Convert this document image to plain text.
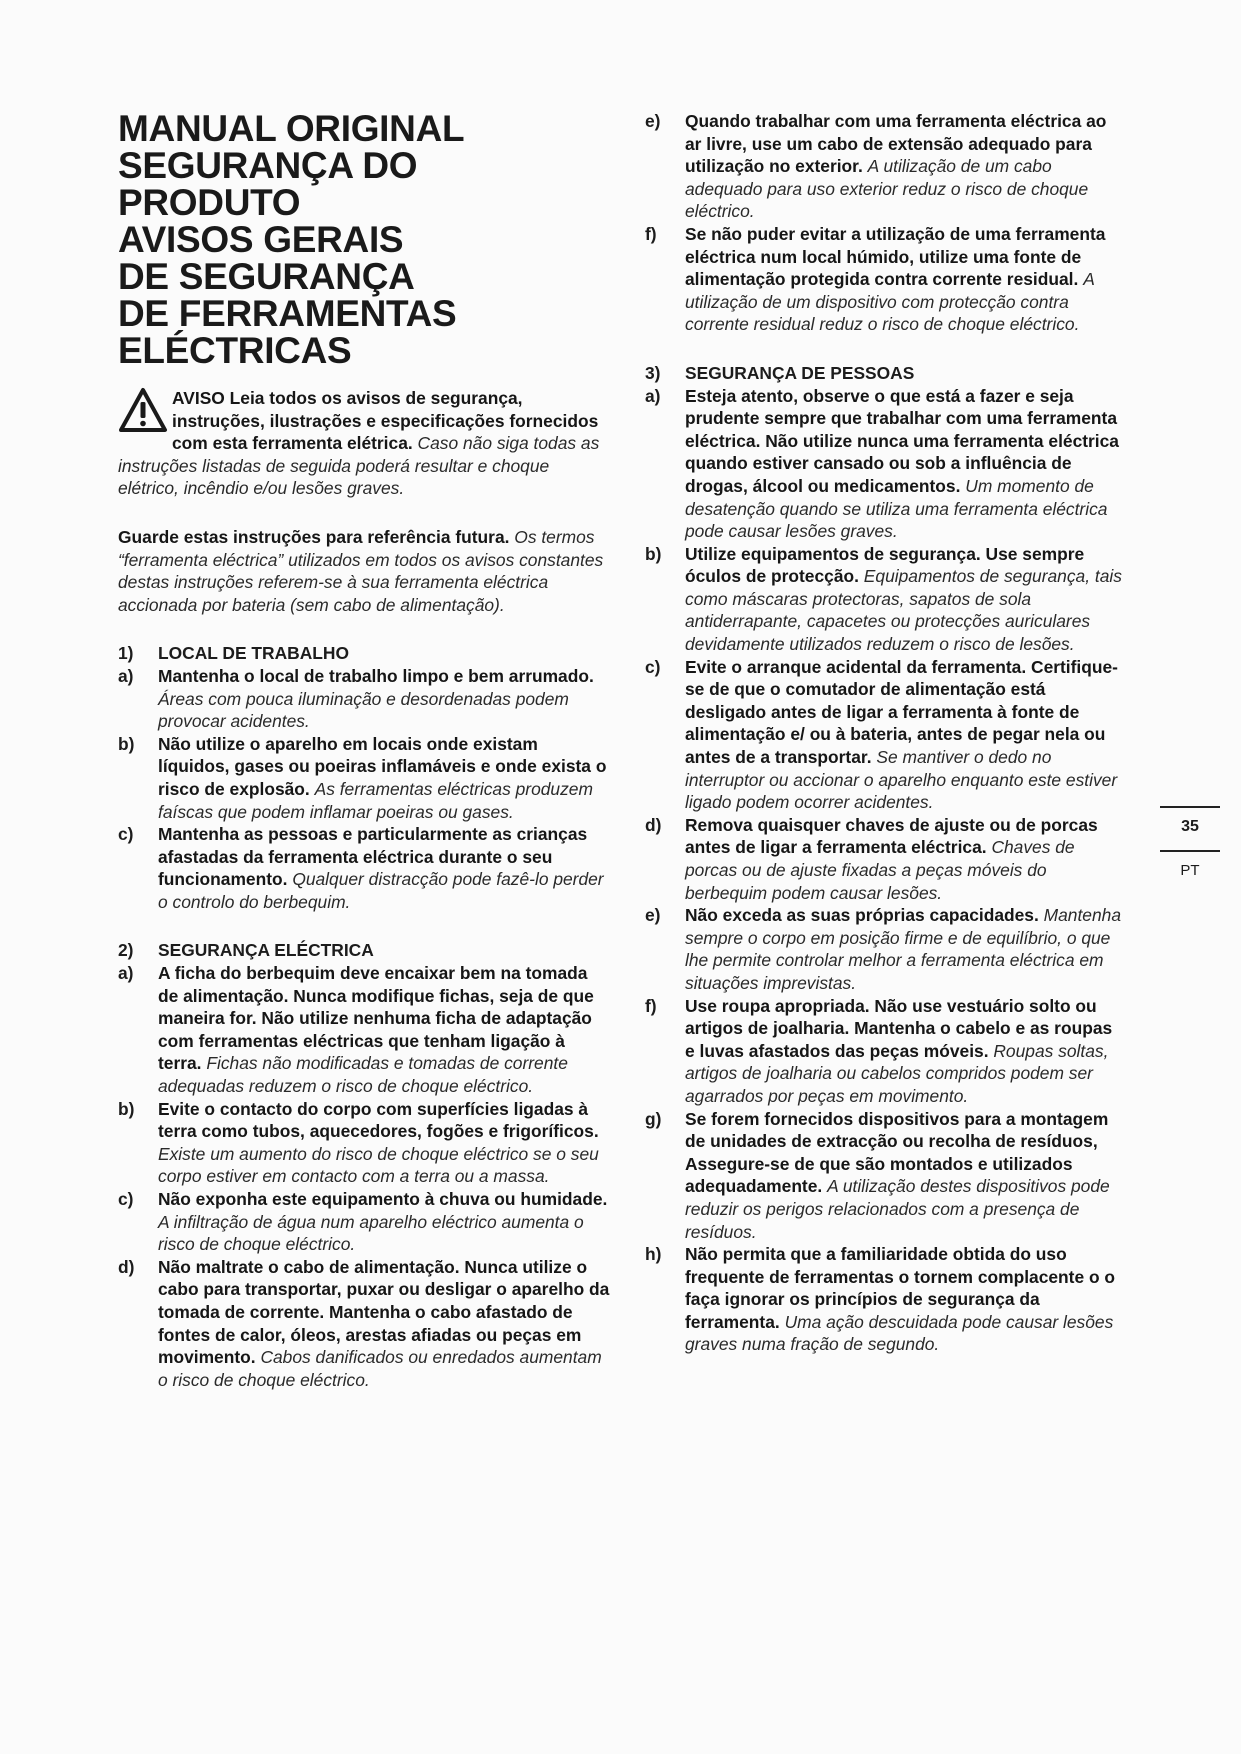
MANUAL ORIGINAL
SEGURANÇA DO
PRODUTO
AVISOS GERAIS
DE SEGURANÇA
DE FERRAMENTAS
ELÉCTRICAS
AVISO Leia todos os avisos de segurança, instruções, ilustrações e especificações fornecidos com esta ferramenta elétrica. Caso não siga todas as instruções listadas de seguida poderá resultar e choque elétrico, incêndio e/ou lesões graves.
Guarde estas instruções para referência futura. Os termos “ferramenta eléctrica” utilizados em todos os avisos constantes destas instruções referem-se à sua ferramenta eléctrica accionada por bateria (sem cabo de alimentação).
1) LOCAL DE TRABALHO
a) Mantenha o local de trabalho limpo e bem arrumado. Áreas com pouca iluminação e desordenadas podem provocar acidentes.
b) Não utilize o aparelho em locais onde existam líquidos, gases ou poeiras inflamáveis e onde exista o risco de explosão. As ferramentas eléctricas produzem faíscas que podem inflamar poeiras ou gases.
c) Mantenha as pessoas e particularmente as crianças afastadas da ferramenta eléctrica durante o seu funcionamento. Qualquer distracção pode fazê-lo perder o controlo do berbequim.
2) SEGURANÇA ELÉCTRICA
a) A ficha do berbequim deve encaixar bem na tomada de alimentação. Nunca modifique fichas, seja de que maneira for. Não utilize nenhuma ficha de adaptação com ferramentas eléctricas que tenham ligação à terra. Fichas não modificadas e tomadas de corrente adequadas reduzem o risco de choque eléctrico.
b) Evite o contacto do corpo com superfícies ligadas à terra como tubos, aquecedores, fogões e frigoríficos. Existe um aumento do risco de choque eléctrico se o seu corpo estiver em contacto com a terra ou a massa.
c) Não exponha este equipamento à chuva ou humidade. A infiltração de água num aparelho eléctrico aumenta o risco de choque eléctrico.
d) Não maltrate o cabo de alimentação. Nunca utilize o cabo para transportar, puxar ou desligar o aparelho da tomada de corrente. Mantenha o cabo afastado de fontes de calor, óleos, arestas afiadas ou peças em movimento. Cabos danificados ou enredados aumentam o risco de choque eléctrico.
e) Quando trabalhar com uma ferramenta eléctrica ao ar livre, use um cabo de extensão adequado para utilização no exterior. A utilização de um cabo adequado para uso exterior reduz o risco de choque eléctrico.
f) Se não puder evitar a utilização de uma ferramenta eléctrica num local húmido, utilize uma fonte de alimentação protegida contra corrente residual. A utilização de um dispositivo com protecção contra corrente residual reduz o risco de choque eléctrico.
3) SEGURANÇA DE PESSOAS
a) Esteja atento, observe o que está a fazer e seja prudente sempre que trabalhar com uma ferramenta eléctrica. Não utilize nunca uma ferramenta eléctrica quando estiver cansado ou sob a influência de drogas, álcool ou medicamentos. Um momento de desatenção quando se utiliza uma ferramenta eléctrica pode causar lesões graves.
b) Utilize equipamentos de segurança. Use sempre óculos de protecção. Equipamentos de segurança, tais como máscaras protectoras, sapatos de sola antiderrapante, capacetes ou protecções auriculares devidamente utilizados reduzem o risco de lesões.
c) Evite o arranque acidental da ferramenta. Certifique-se de que o comutador de alimentação está desligado antes de ligar a ferramenta à fonte de alimentação e/ ou à bateria, antes de pegar nela ou antes de a transportar. Se mantiver o dedo no interruptor ou accionar o aparelho enquanto este estiver ligado podem ocorrer acidentes.
d) Remova quaisquer chaves de ajuste ou de porcas antes de ligar a ferramenta eléctrica. Chaves de porcas ou de ajuste fixadas a peças móveis do berbequim podem causar lesões.
e) Não exceda as suas próprias capacidades. Mantenha sempre o corpo em posição firme e de equilíbrio, o que lhe permite controlar melhor a ferramenta eléctrica em situações imprevistas.
f) Use roupa apropriada. Não use vestuário solto ou artigos de joalharia. Mantenha o cabelo e as roupas e luvas afastados das peças móveis. Roupas soltas, artigos de joalharia ou cabelos compridos podem ser agarrados por peças em movimento.
g) Se forem fornecidos dispositivos para a montagem de unidades de extracção ou recolha de resíduos, Assegure-se de que são montados e utilizados adequadamente. A utilização destes dispositivos pode reduzir os perigos relacionados com a presença de resíduos.
h) Não permita que a familiaridade obtida do uso frequente de ferramentas o tornem complacente o o faça ignorar os princípios de segurança da ferramenta. Uma ação descuidada pode causar lesões graves numa fração de segundo.
35
PT
